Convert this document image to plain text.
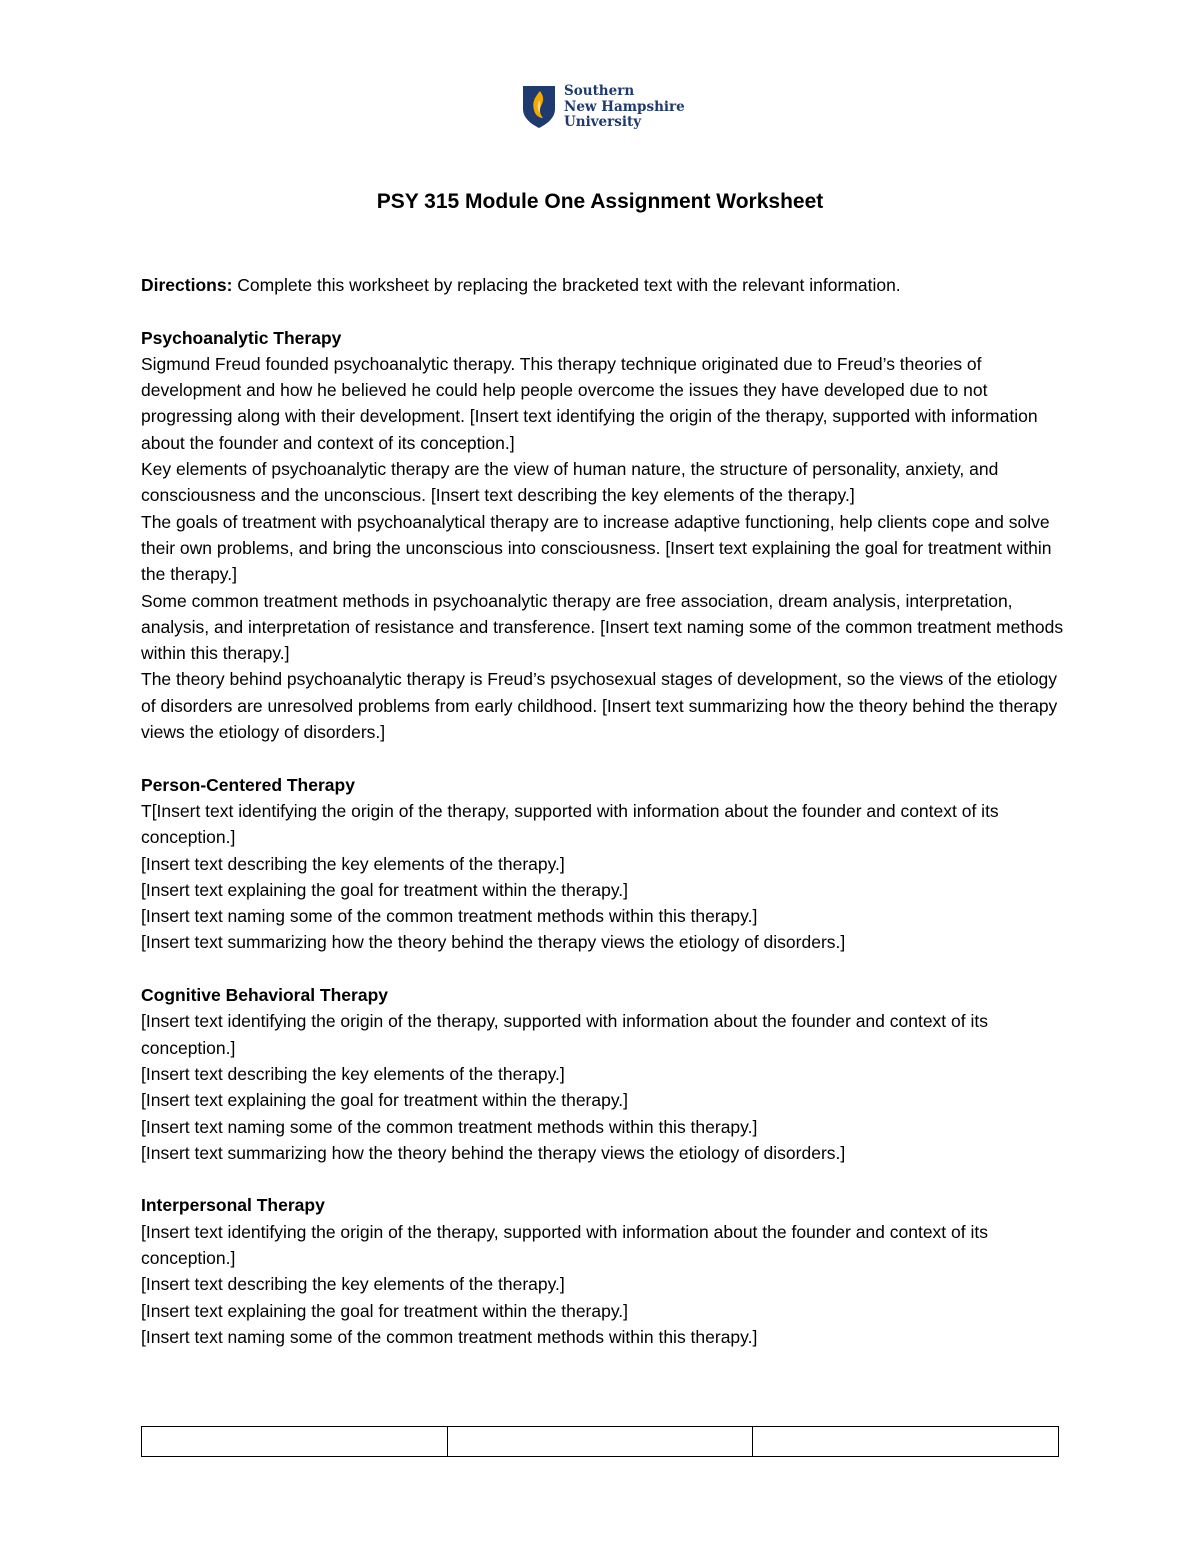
Southern
New Hampshire
University
PSY 315 Module One Assignment Worksheet

Directions: Complete this worksheet by replacing the bracketed text with the relevant information.

Psychoanalytic Therapy

Sigmund Freud founded psychoanalytic therapy. This therapy technique originated due to Freud’s theories of development and how he believed he could help people overcome the issues they have developed due to not progressing along with their development. [Insert text identifying the origin of the therapy, supported with information about the founder and context of its conception.]

Key elements of psychoanalytic therapy are the view of human nature, the structure of personality, anxiety, and consciousness and the unconscious. [Insert text describing the key elements of the therapy.]

The goals of treatment with psychoanalytical therapy are to increase adaptive functioning, help clients cope and solve their own problems, and bring the unconscious into consciousness. [Insert text explaining the goal for treatment within the therapy.]

Some common treatment methods in psychoanalytic therapy are free association, dream analysis, interpretation, analysis, and interpretation of resistance and transference. [Insert text naming some of the common treatment methods within this therapy.]

The theory behind psychoanalytic therapy is Freud’s psychosexual stages of development, so the views of the etiology of disorders are unresolved problems from early childhood. [Insert text summarizing how the theory behind the therapy views the etiology of disorders.]

Person-Centered Therapy

T[Insert text identifying the origin of the therapy, supported with information about the founder and context of its conception.]

[Insert text describing the key elements of the therapy.]

[Insert text explaining the goal for treatment within the therapy.]

[Insert text naming some of the common treatment methods within this therapy.]

[Insert text summarizing how the theory behind the therapy views the etiology of disorders.]

Cognitive Behavioral Therapy

[Insert text identifying the origin of the therapy, supported with information about the founder and context of its conception.]

[Insert text describing the key elements of the therapy.]

[Insert text explaining the goal for treatment within the therapy.]

[Insert text naming some of the common treatment methods within this therapy.]

[Insert text summarizing how the theory behind the therapy views the etiology of disorders.]

Interpersonal Therapy

[Insert text identifying the origin of the therapy, supported with information about the founder and context of its conception.]

[Insert text describing the key elements of the therapy.]

[Insert text explaining the goal for treatment within the therapy.]

[Insert text naming some of the common treatment methods within this therapy.]
